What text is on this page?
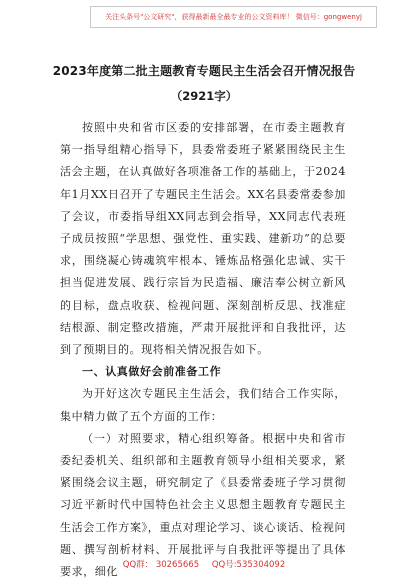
关注头条号"公文研究"，获得最新最全最专业的公文资料库！ 微信号：gongwenyj
2023年度第二批主题教育专题民主生活会召开情况报告
（2921字）

按照中央和省市区委的安排部署，在市委主题教育第一指导组精心指导下，县委常委班子紧紧围绕民主生活会主题，在认真做好各项准备工作的基础上，于2024年1月XX日召开了专题民主生活会。XX名县委常委参加了会议，市委指导组XX同志到会指导，XX同志代表班子成员按照“学思想、强党性、重实践、建新功”的总要求，围绕凝心铸魂筑牢根本、锤炼品格强化忠诚、实干担当促进发展、践行宗旨为民造福、廉洁奉公树立新风的目标，盘点收获、检视问题、深刻剖析反思、找准症结根源、制定整改措施，严肃开展批评和自我批评，达到了预期目的。现将相关情况报告如下。

一、认真做好会前准备工作

为开好这次专题民主生活会，我们结合工作实际，集中精力做了五个方面的工作：

（一）对照要求，精心组织筹备。根据中央和省市委纪委机关、组织部和主题教育领导小组相关要求，紧紧围绕会议主题，研究制定了《县委常委班子学习贯彻习近平新时代中国特色社会主义思想主题教育专题民主生活会工作方案》，重点对理论学习、谈心谈话、检视问题、撰写剖析材料、开展批评与自我批评等提出了具体要求，细化

QQ群： 30265665 QQ号:535304092
